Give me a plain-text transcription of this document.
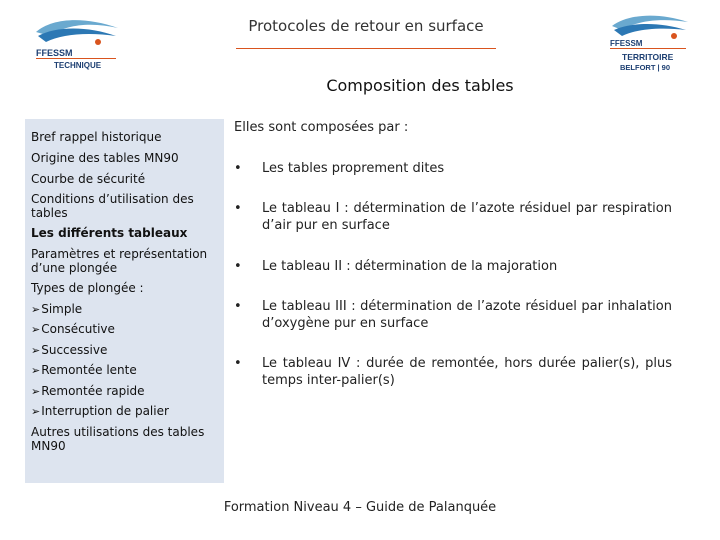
FFESSM
TECHNIQUE
FFESSM
TERRITOIRE
BELFORT | 90
Protocoles de retour en surface
Composition des tables
Bref rappel historique
Origine des tables MN90
Courbe de sécurité
Conditions d’utilisation des tables
Les différents tableaux
Paramètres et représentation d’une plongée
Types de plongée :
➢Simple
➢Consécutive
➢Successive
➢Remontée lente
➢Remontée rapide
➢Interruption de palier
Autres utilisations des tables MN90
Elles sont composées par :
•	Les tables proprement dites
•	Le tableau I : détermination de l’azote résiduel par respiration d’air pur en surface
•	Le tableau II : détermination de la majoration
•	Le tableau III : détermination de l’azote résiduel par inhalation d’oxygène pur en surface
•	Le tableau IV : durée de remontée, hors durée palier(s), plus temps inter-palier(s)
Formation Niveau 4 – Guide de Palanquée
